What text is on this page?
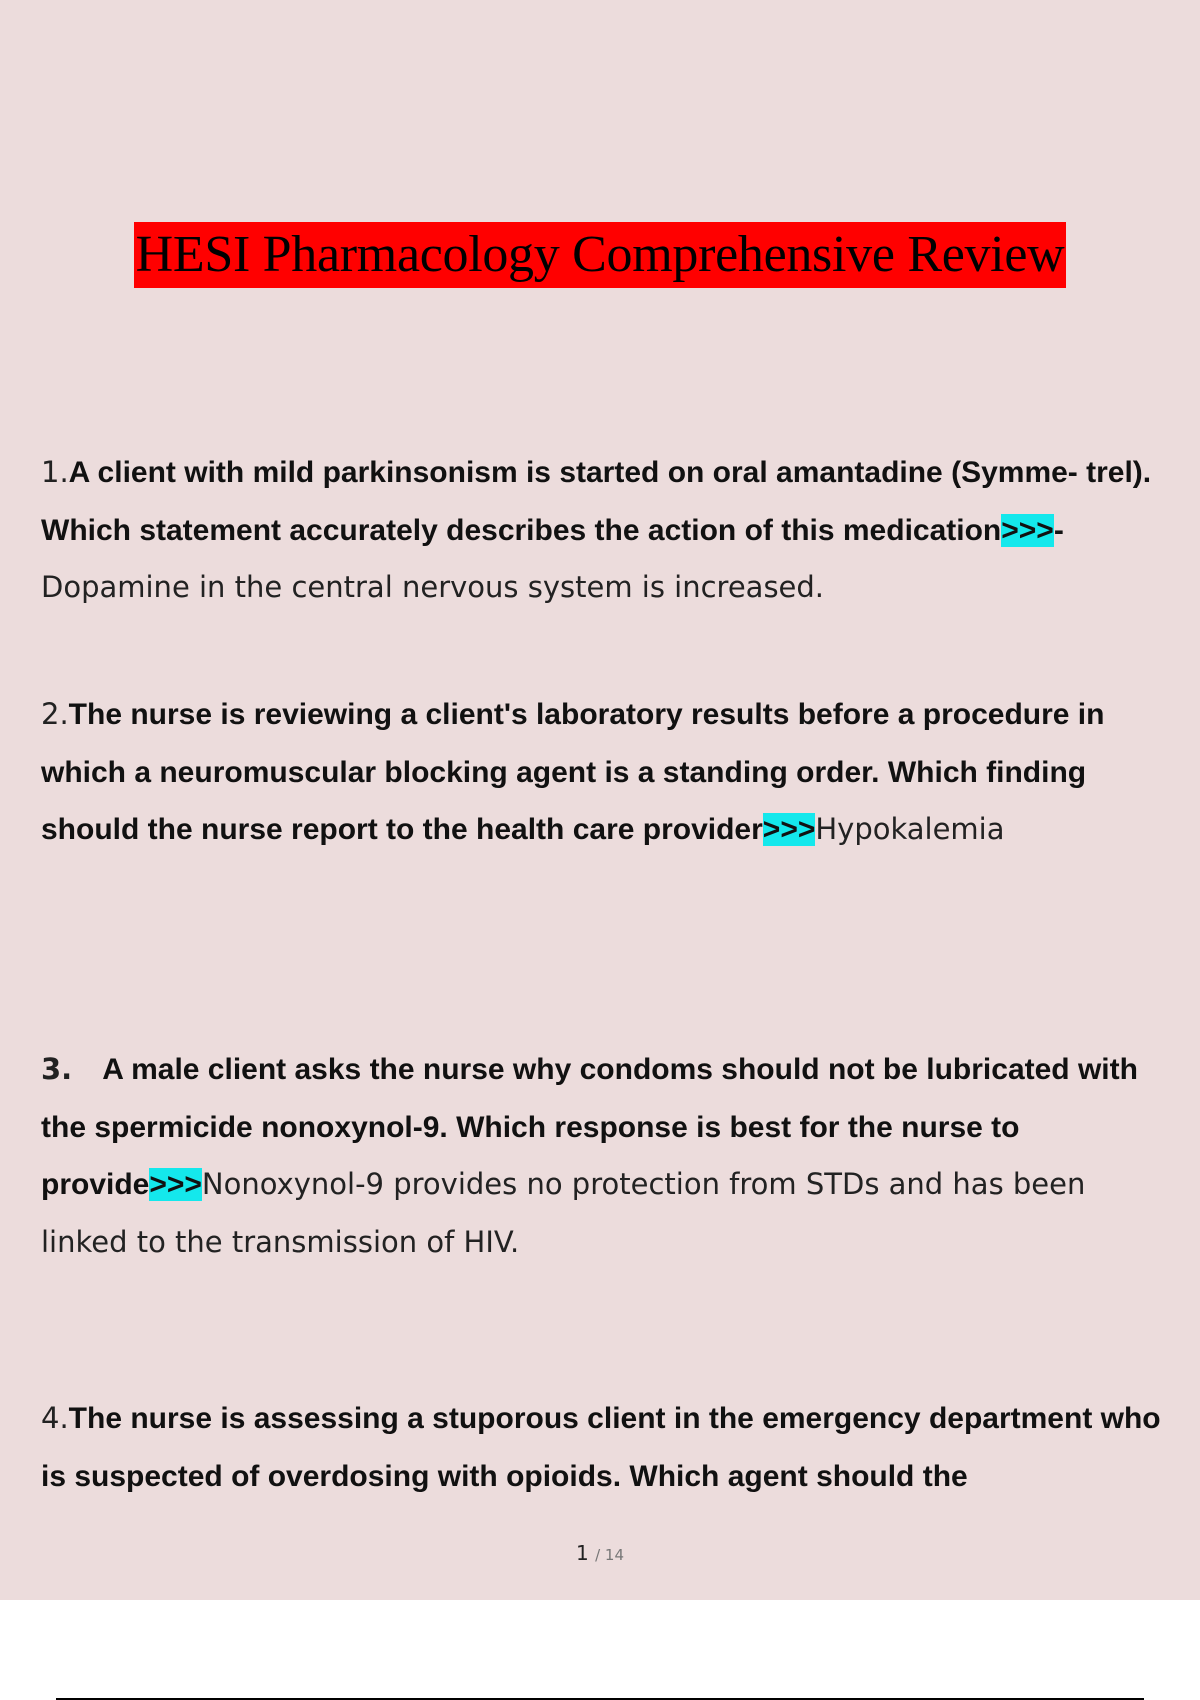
HESI Pharmacology Comprehensive Review
1.A client with mild parkinsonism is started on oral amantadine (Symme- trel). Which statement accurately describes the action of this medication>>>- Dopamine in the central nervous system is increased.
2.The nurse is reviewing a client's laboratory results before a procedure in which a neuromuscular blocking agent is a standing order. Which finding should the nurse report to the health care provider>>>Hypokalemia
3. A male client asks the nurse why condoms should not be lubricated with the spermicide nonoxynol-9. Which response is best for the nurse to provide>>>Nonoxynol-9 provides no protection from STDs and has been linked to the transmission of HIV.
4.The nurse is assessing a stuporous client in the emergency department who is suspected of overdosing with opioids. Which agent should the
1 / 14
